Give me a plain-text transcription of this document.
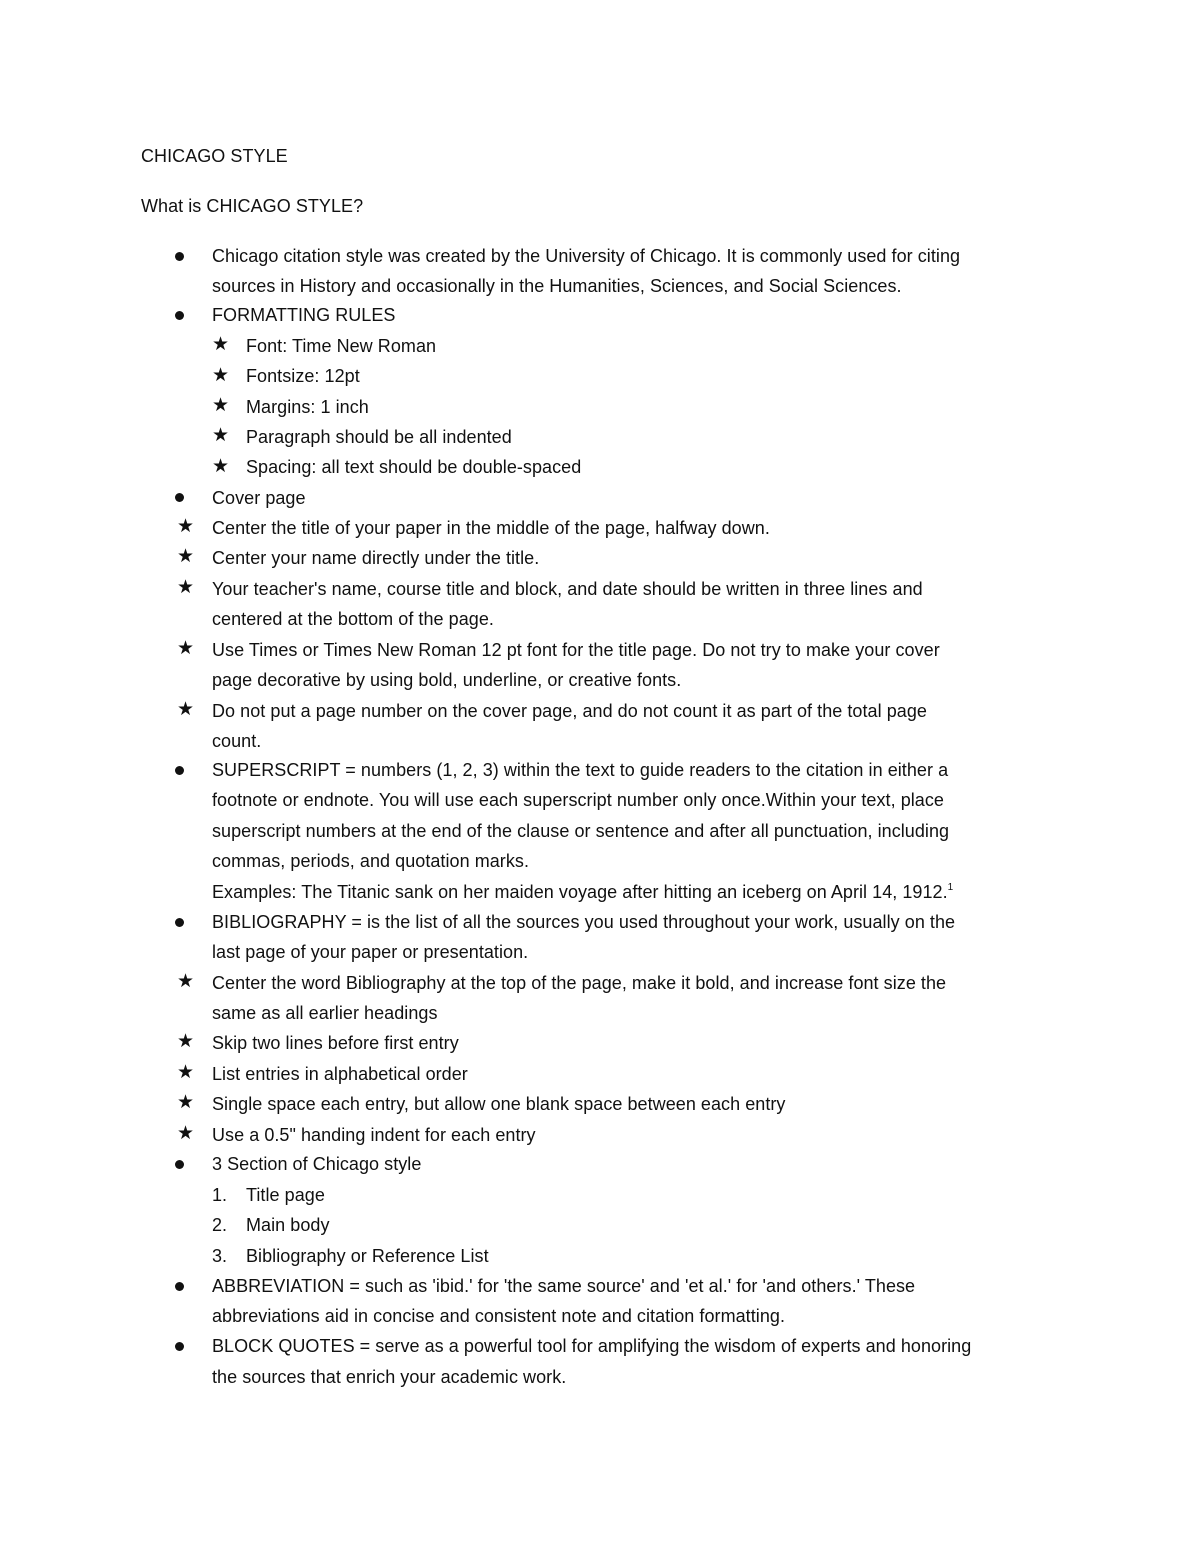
CHICAGO STYLE
What is CHICAGO STYLE?
Chicago citation style was created by the University of Chicago. It is commonly used for citing
sources in History and occasionally in the Humanities, Sciences, and Social Sciences.
FORMATTING RULES
★ Font: Time New Roman
★ Fontsize: 12pt
★ Margins: 1 inch
★ Paragraph should be all indented
★ Spacing: all text should be double-spaced
Cover page
★ Center the title of your paper in the middle of the page, halfway down.
★ Center your name directly under the title.
★ Your teacher's name, course title and block, and date should be written in three lines and
centered at the bottom of the page.
★ Use Times or Times New Roman 12 pt font for the title page. Do not try to make your cover
page decorative by using bold, underline, or creative fonts.
★ Do not put a page number on the cover page, and do not count it as part of the total page
count.
SUPERSCRIPT = numbers (1, 2, 3) within the text to guide readers to the citation in either a
footnote or endnote. You will use each superscript number only once.Within your text, place
superscript numbers at the end of the clause or sentence and after all punctuation, including
commas, periods, and quotation marks.
Examples: The Titanic sank on her maiden voyage after hitting an iceberg on April 14, 1912.$^1$
BIBLIOGRAPHY = is the list of all the sources you used throughout your work, usually on the
last page of your paper or presentation.
★ Center the word Bibliography at the top of the page, make it bold, and increase font size the
same as all earlier headings
★ Skip two lines before first entry
★ List entries in alphabetical order
★ Single space each entry, but allow one blank space between each entry
★ Use a 0.5" handing indent for each entry
3 Section of Chicago style
1. Title page
2. Main body
3. Bibliography or Reference List
ABBREVIATION = such as 'ibid.' for 'the same source' and 'et al.' for 'and others.' These
abbreviations aid in concise and consistent note and citation formatting.
BLOCK QUOTES = serve as a powerful tool for amplifying the wisdom of experts and honoring
the sources that enrich your academic work.
